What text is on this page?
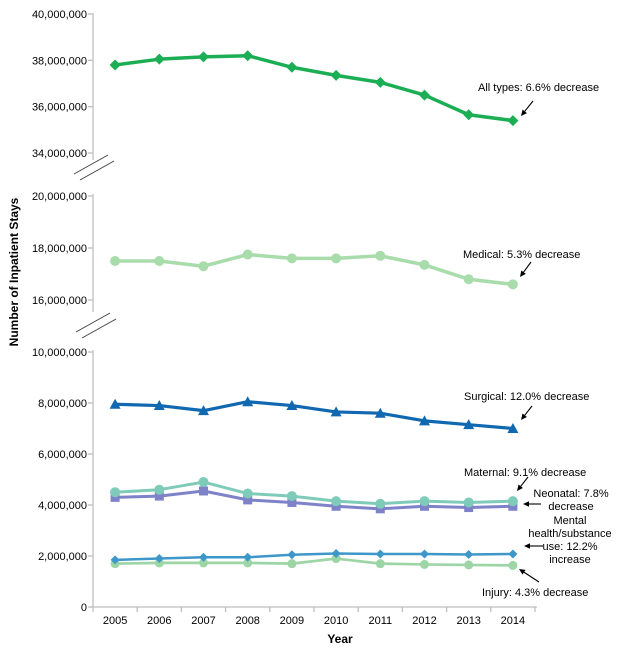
40,000,000
38,000,000
36,000,000
34,000,000
20,000,000
18,000,000
16,000,000
10,000,000
8,000,000
6,000,000
4,000,000
2,000,000
0
2005 2006 2007 2008 2009 2010 2011 2012 2013 2014
Number of Inpatient Stays
Year
All types: 6.6% decrease
Medical: 5.3% decrease
Surgical: 12.0% decrease
Maternal: 9.1% decrease
Neonatal: 7.8%
decrease
Mental
health/substance
use: 12.2%
increase
Injury: 4.3% decrease
